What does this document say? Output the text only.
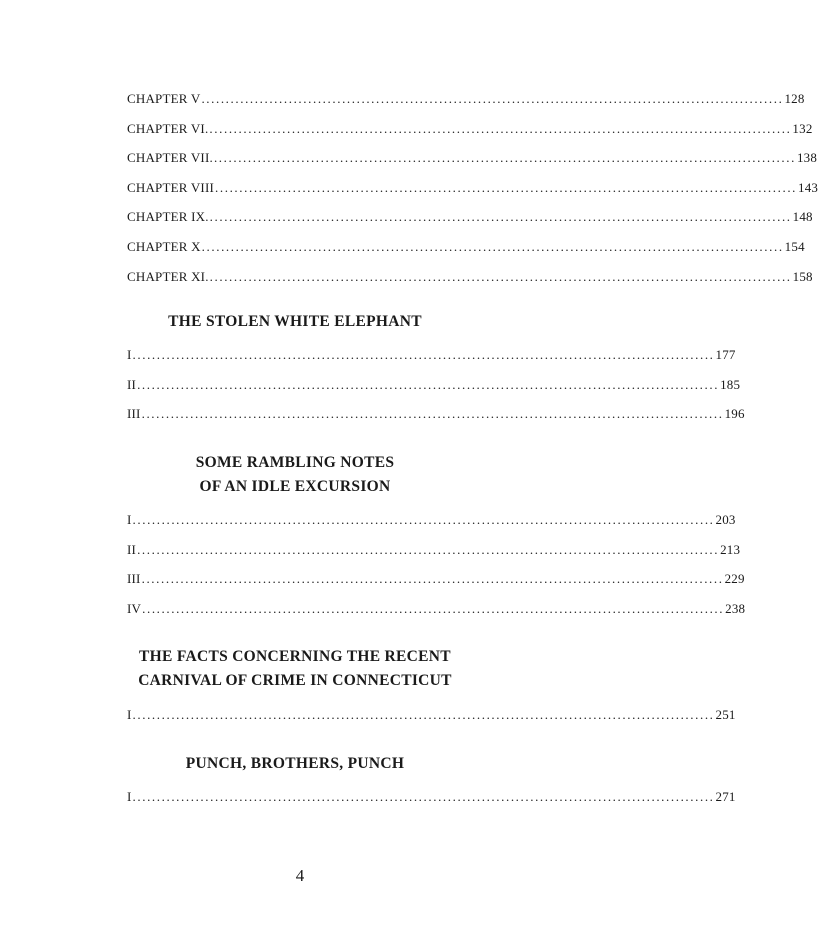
CHAPTER V ........................................................................................................................ 128
CHAPTER VI. ........................................................................................................................ 132
CHAPTER VII. ........................................................................................................................ 138
CHAPTER VIII ........................................................................................................................ 143
CHAPTER IX. ........................................................................................................................ 148
CHAPTER X ........................................................................................................................ 154
CHAPTER XI. ........................................................................................................................ 158
THE STOLEN WHITE ELEPHANT
I ........................................................................................................................ 177
II ........................................................................................................................ 185
III ........................................................................................................................ 196
SOME RAMBLING NOTES
OF AN IDLE EXCURSION
I ........................................................................................................................ 203
II ........................................................................................................................ 213
III ........................................................................................................................ 229
IV ........................................................................................................................ 238
THE FACTS CONCERNING THE RECENT
CARNIVAL OF CRIME IN CONNECTICUT
I ........................................................................................................................ 251
PUNCH, BROTHERS, PUNCH
I ........................................................................................................................ 271
4
